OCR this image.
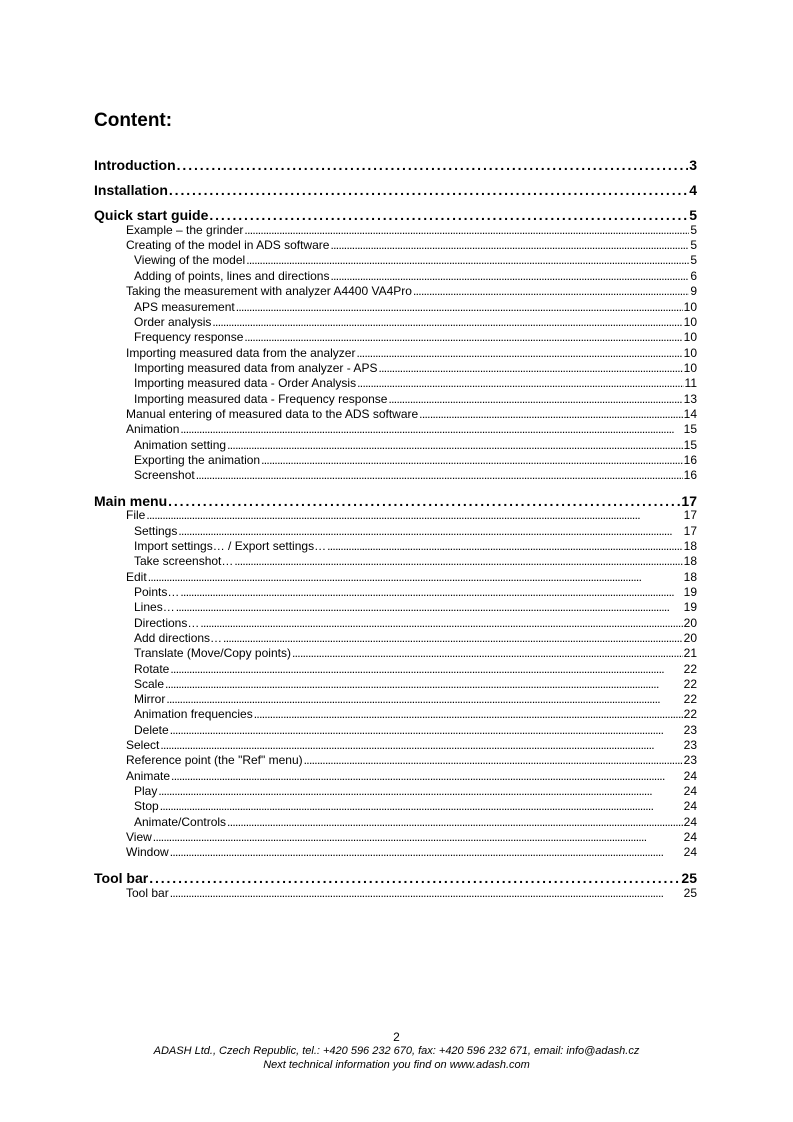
Content:
Introduction . . .	3
Installation . . .	4
Quick start guide . . .	5
Example – the grinder . . .	5
Creating of the model in ADS software . . .	5
Viewing of the model . . .	5
Adding of points, lines and directions . . .	6
Taking the measurement with analyzer A4400 VA4Pro . . .	9
APS measurement . . .	10
Order analysis . . .	10
Frequency response . . .	10
Importing measured data from the analyzer . . .	10
Importing measured data from analyzer - APS . . .	10
Importing measured data - Order Analysis . . .	11
Importing measured data - Frequency response . . .	13
Manual entering of measured data to the ADS software . . .	14
Animation . . .	15
Animation setting . . .	15
Exporting the animation . . .	16
Screenshot . . .	16
Main menu . . .	17
File . . .	17
Settings . . .	17
Import settings… / Export settings… . . .	18
Take screenshot… . . .	18
Edit . . .	18
Points… . . .	19
Lines… . . .	19
Directions… . . .	20
Add directions… . . .	20
Translate (Move/Copy points) . . .	21
Rotate . . .	22
Scale . . .	22
Mirror . . .	22
Animation frequencies . . .	22
Delete . . .	23
Select . . .	23
Reference point (the "Ref" menu) . . .	23
Animate . . .	24
Play . . .	24
Stop . . .	24
Animate/Controls . . .	24
View . . .	24
Window . . .	24
Tool bar . . .	25
Tool bar . . .	25
2
ADASH Ltd., Czech Republic, tel.: +420 596 232 670, fax: +420 596 232 671, email: info@adash.cz
Next technical information you find on www.adash.com
